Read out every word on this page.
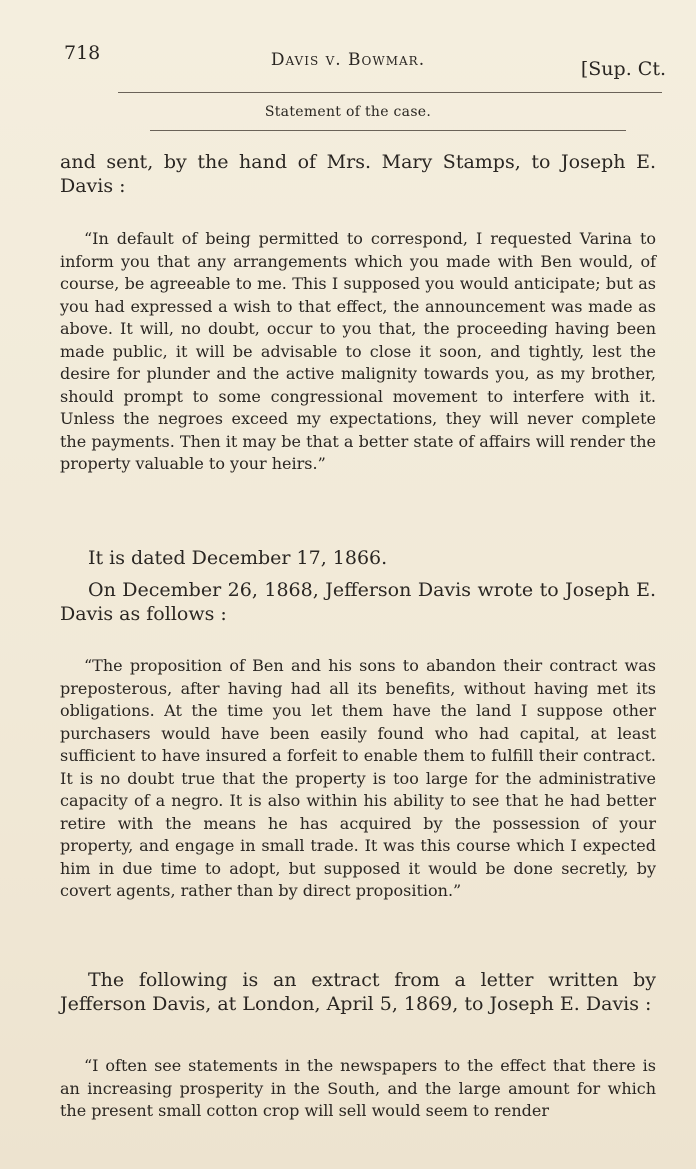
718	Davis v. Bowmar.	[Sup. Ct.
Statement of the case.

and sent, by the hand of Mrs. Mary Stamps, to Joseph E. Davis :

“In default of being permitted to correspond, I requested Varina to inform you that any arrangements which you made with Ben would, of course, be agreeable to me. This I supposed you would anticipate; but as you had expressed a wish to that effect, the announcement was made as above. It will, no doubt, occur to you that, the proceeding having been made public, it will be advisable to close it soon, and tightly, lest the desire for plunder and the active malignity towards you, as my brother, should prompt to some congressional movement to interfere with it. Unless the negroes exceed my expectations, they will never complete the payments. Then it may be that a better state of affairs will render the property valuable to your heirs.”

It is dated December 17, 1866.

On December 26, 1868, Jefferson Davis wrote to Joseph E. Davis as follows :

“The proposition of Ben and his sons to abandon their contract was preposterous, after having had all its benefits, without having met its obligations. At the time you let them have the land I suppose other purchasers would have been easily found who had capital, at least sufficient to have insured a forfeit to enable them to fulfill their contract. It is no doubt true that the property is too large for the administrative capacity of a negro. It is also within his ability to see that he had better retire with the means he has acquired by the possession of your property, and engage in small trade. It was this course which I expected him in due time to adopt, but supposed it would be done secretly, by covert agents, rather than by direct proposition.”

The following is an extract from a letter written by Jefferson Davis, at London, April 5, 1869, to Joseph E. Davis :

“I often see statements in the newspapers to the effect that there is an increasing prosperity in the South, and the large amount for which the present small cotton crop will sell would seem to render
